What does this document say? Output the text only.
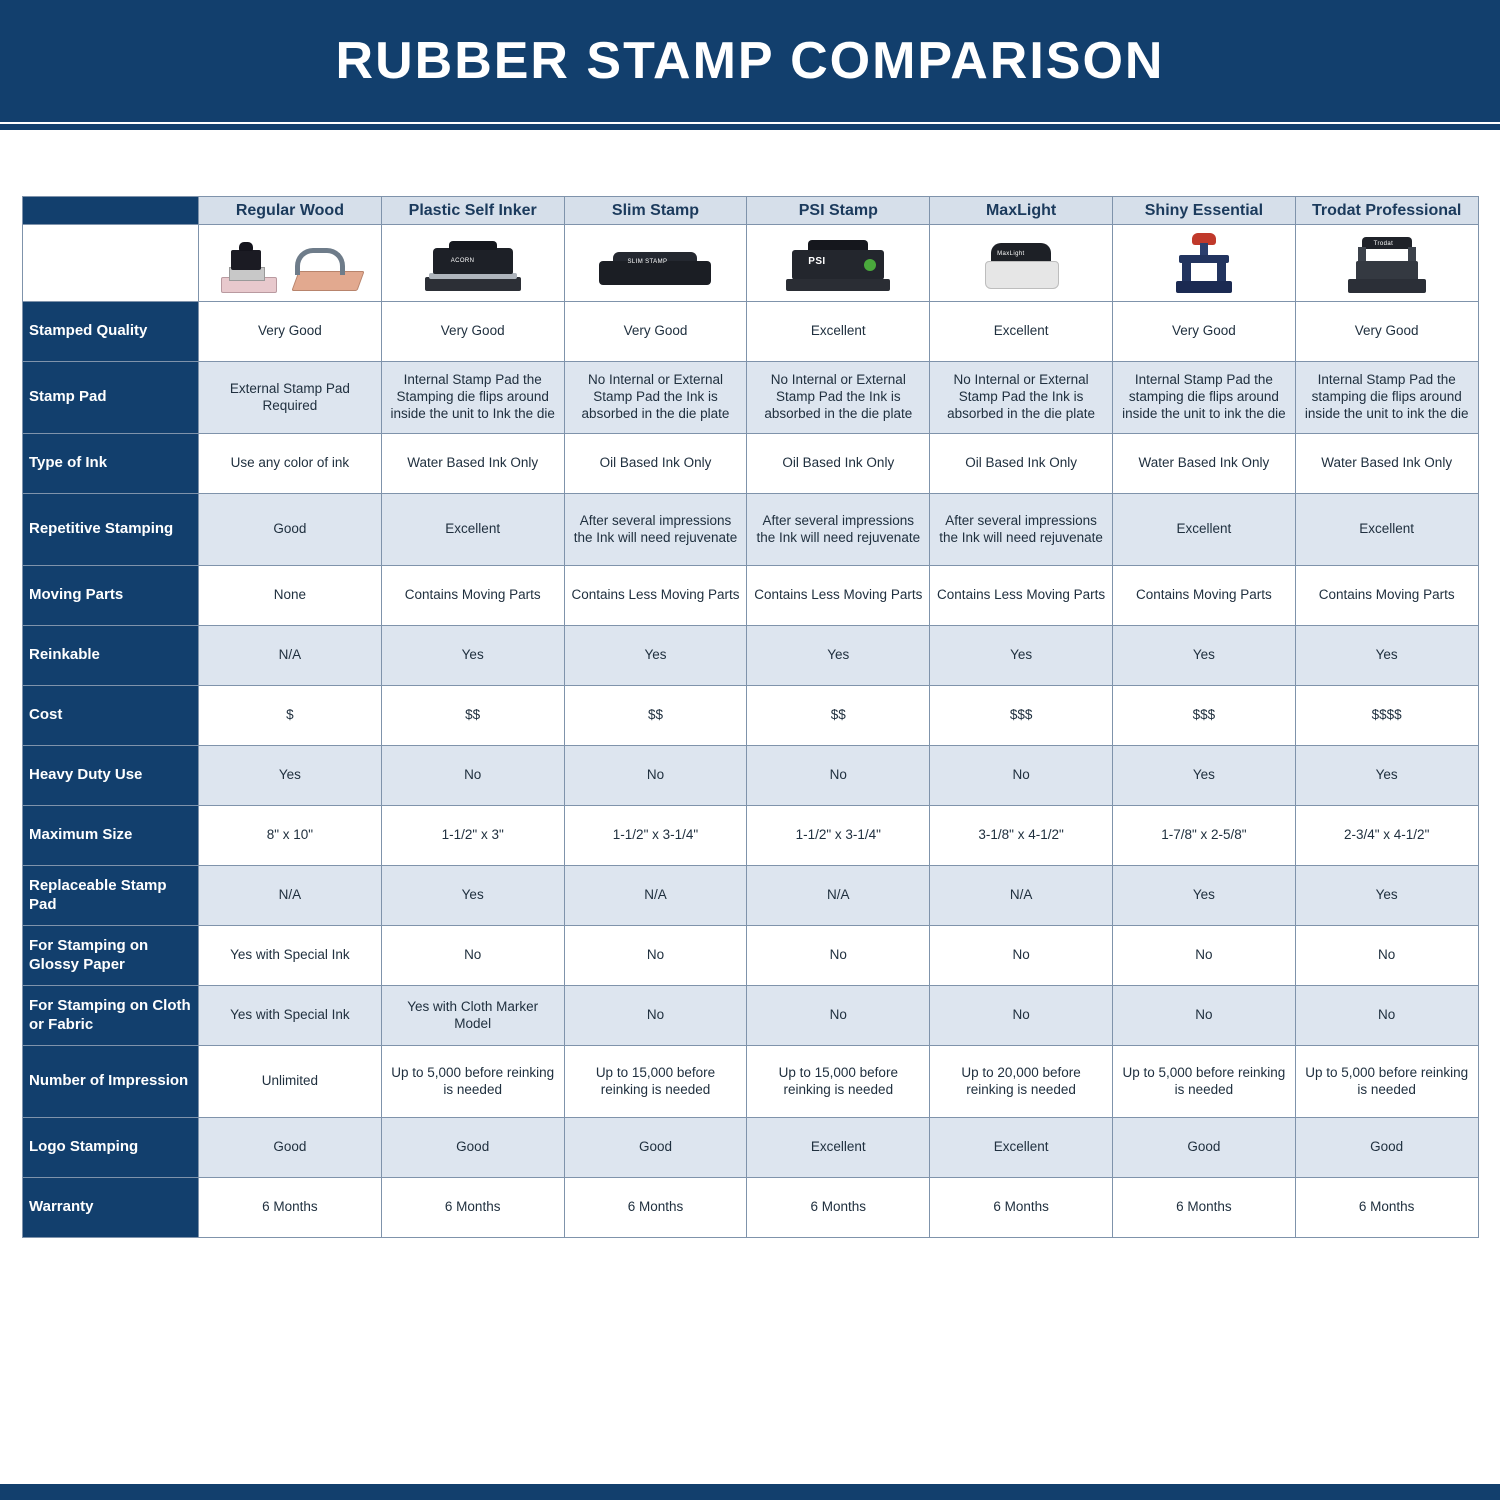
RUBBER STAMP COMPARISON
	Regular Wood	Plastic Self Inker	Slim Stamp	PSI Stamp	MaxLight	Shiny Essential	Trodat Professional
Type of Stamp		ACORN	SLIM STAMP	PSI	MaxLight		Trodat

Stamped Quality	Very Good	Very Good	Very Good	Excellent	Excellent	Very Good	Very Good
Stamp Pad	External Stamp Pad Required	Internal Stamp Pad the Stamping die flips around inside the unit to Ink the die	No Internal or External Stamp Pad the Ink is absorbed in the die plate	No Internal or External Stamp Pad the Ink is absorbed in the die plate	No Internal or External Stamp Pad the Ink is absorbed in the die plate	Internal Stamp Pad the stamping die flips around inside the unit to ink the die	Internal Stamp Pad the stamping die flips around inside the unit to ink the die
Type of Ink	Use any color of ink	Water Based Ink Only	Oil Based Ink Only	Oil Based Ink Only	Oil Based Ink Only	Water Based Ink Only	Water Based Ink Only
Repetitive Stamping	Good	Excellent	After several impressions the Ink will need rejuvenate	After several impressions the Ink will need rejuvenate	After several impressions the Ink will need rejuvenate	Excellent	Excellent
Moving Parts	None	Contains Moving Parts	Contains Less Moving Parts	Contains Less Moving Parts	Contains Less Moving Parts	Contains Moving Parts	Contains Moving Parts
Reinkable	N/A	Yes	Yes	Yes	Yes	Yes	Yes
Cost	$	$$	$$	$$	$$$	$$$	$$$$
Heavy Duty Use	Yes	No	No	No	No	Yes	Yes
Maximum Size	8" x 10"	1-1/2" x 3"	1-1/2" x 3-1/4"	1-1/2" x 3-1/4"	3-1/8" x 4-1/2"	1-7/8" x 2-5/8"	2-3/4" x 4-1/2"
Replaceable Stamp Pad	N/A	Yes	N/A	N/A	N/A	Yes	Yes
For Stamping on Glossy Paper	Yes with Special Ink	No	No	No	No	No	No
For Stamping on Cloth or Fabric	Yes with Special Ink	Yes with Cloth Marker Model	No	No	No	No	No
Number of Impression	Unlimited	Up to 5,000 before reinking is needed	Up to 15,000 before reinking is needed	Up to 15,000 before reinking is needed	Up to 20,000 before reinking is needed	Up to 5,000 before reinking is needed	Up to 5,000 before reinking is needed
Logo Stamping	Good	Good	Good	Excellent	Excellent	Good	Good
Warranty	6 Months	6 Months	6 Months	6 Months	6 Months	6 Months	6 Months
